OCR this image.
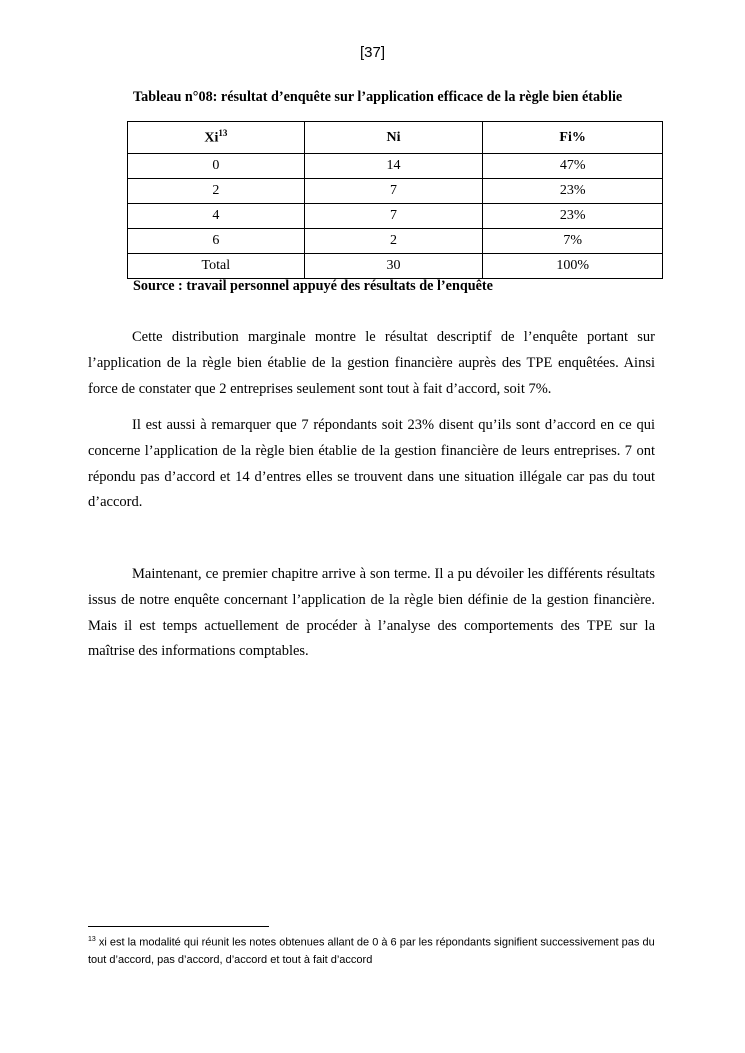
[37]
Tableau n°08: résultat d’enquête sur l’application efficace de la règle bien établie
Xi$^{13}$	Ni	Fi%
0	14	47%
2	7	23%
4	7	23%
6	2	7%
Total	30	100%
Source : travail personnel appuyé des résultats de l’enquête

Cette distribution marginale montre le résultat descriptif de l’enquête portant sur l’application de la règle bien établie de la gestion financière auprès des TPE enquêtées. Ainsi force de constater que 2 entreprises seulement sont tout à fait d’accord, soit 7%.

Il est aussi à remarquer que 7 répondants soit 23% disent qu’ils sont d’accord en ce qui concerne l’application de la règle bien établie de la gestion financière de leurs entreprises. 7 ont répondu pas d’accord et 14 d’entres elles se trouvent dans une situation illégale car pas du tout d’accord.

Maintenant, ce premier chapitre arrive à son terme. Il a pu dévoiler les différents résultats issus de notre enquête concernant l’application de la règle bien définie de la gestion financière. Mais il est temps actuellement de procéder à l’analyse des comportements des TPE sur la maîtrise des informations comptables.

$^{13}$ xi est la modalité qui réunit les notes obtenues allant de 0 à 6 par les répondants signifient successivement pas du tout d’accord, pas d’accord, d’accord et tout à fait d’accord
